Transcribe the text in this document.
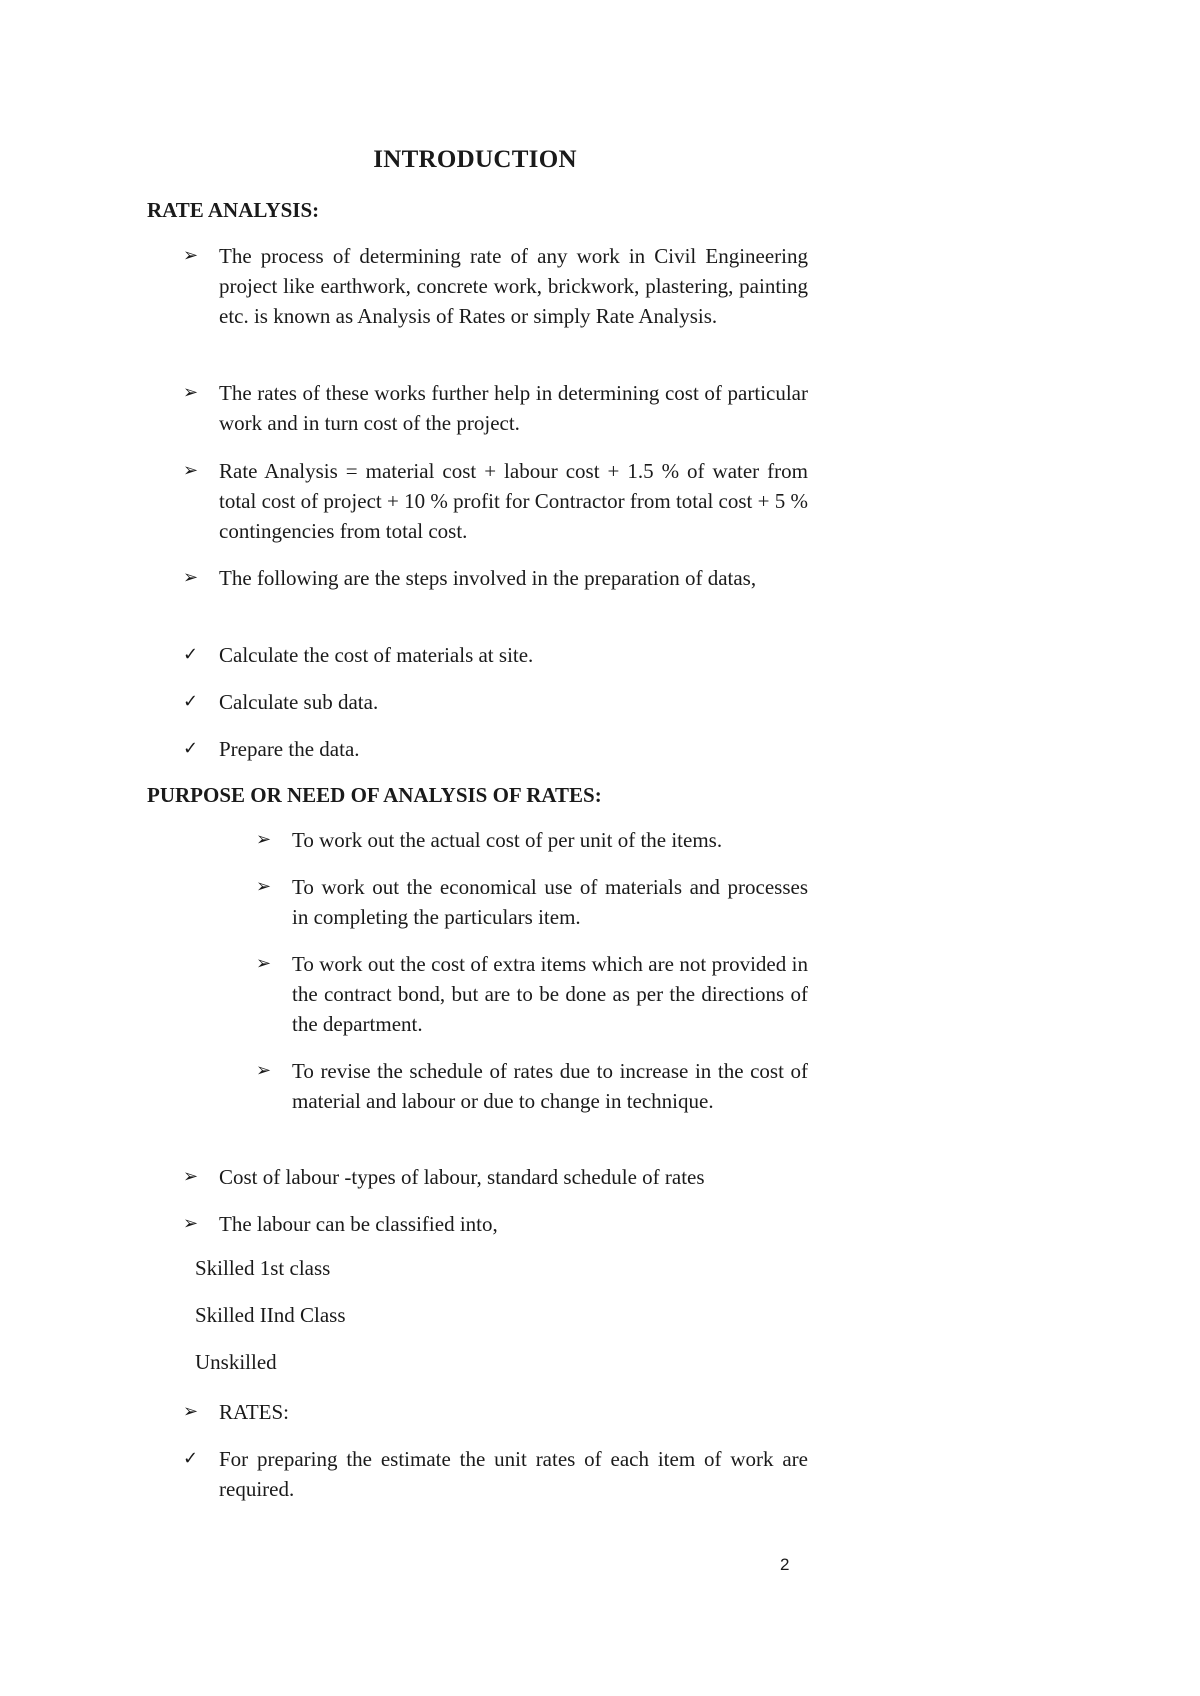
INTRODUCTION
RATE ANALYSIS:
➢ The process of determining rate of any work in Civil Engineering project like earthwork, concrete work, brickwork, plastering, painting etc. is known as Analysis of Rates or simply Rate Analysis.
➢ The rates of these works further help in determining cost of particular work and in turn cost of the project.
➢ Rate Analysis = material cost + labour cost + 1.5 % of water from total cost of project + 10 % profit for Contractor from total cost + 5 % contingencies from total cost.
➢ The following are the steps involved in the preparation of datas,
✓ Calculate the cost of materials at site.
✓ Calculate sub data.
✓ Prepare the data.
PURPOSE OR NEED OF ANALYSIS OF RATES:
➢ To work out the actual cost of per unit of the items.
➢ To work out the economical use of materials and processes in completing the particulars item.
➢ To work out the cost of extra items which are not provided in the contract bond, but are to be done as per the directions of the department.
➢ To revise the schedule of rates due to increase in the cost of material and labour or due to change in technique.
➢ Cost of labour -types of labour, standard schedule of rates
➢ The labour can be classified into,
Skilled 1st class
Skilled IInd Class
Unskilled
➢ RATES:
✓ For preparing the estimate the unit rates of each item of work are required.
2
